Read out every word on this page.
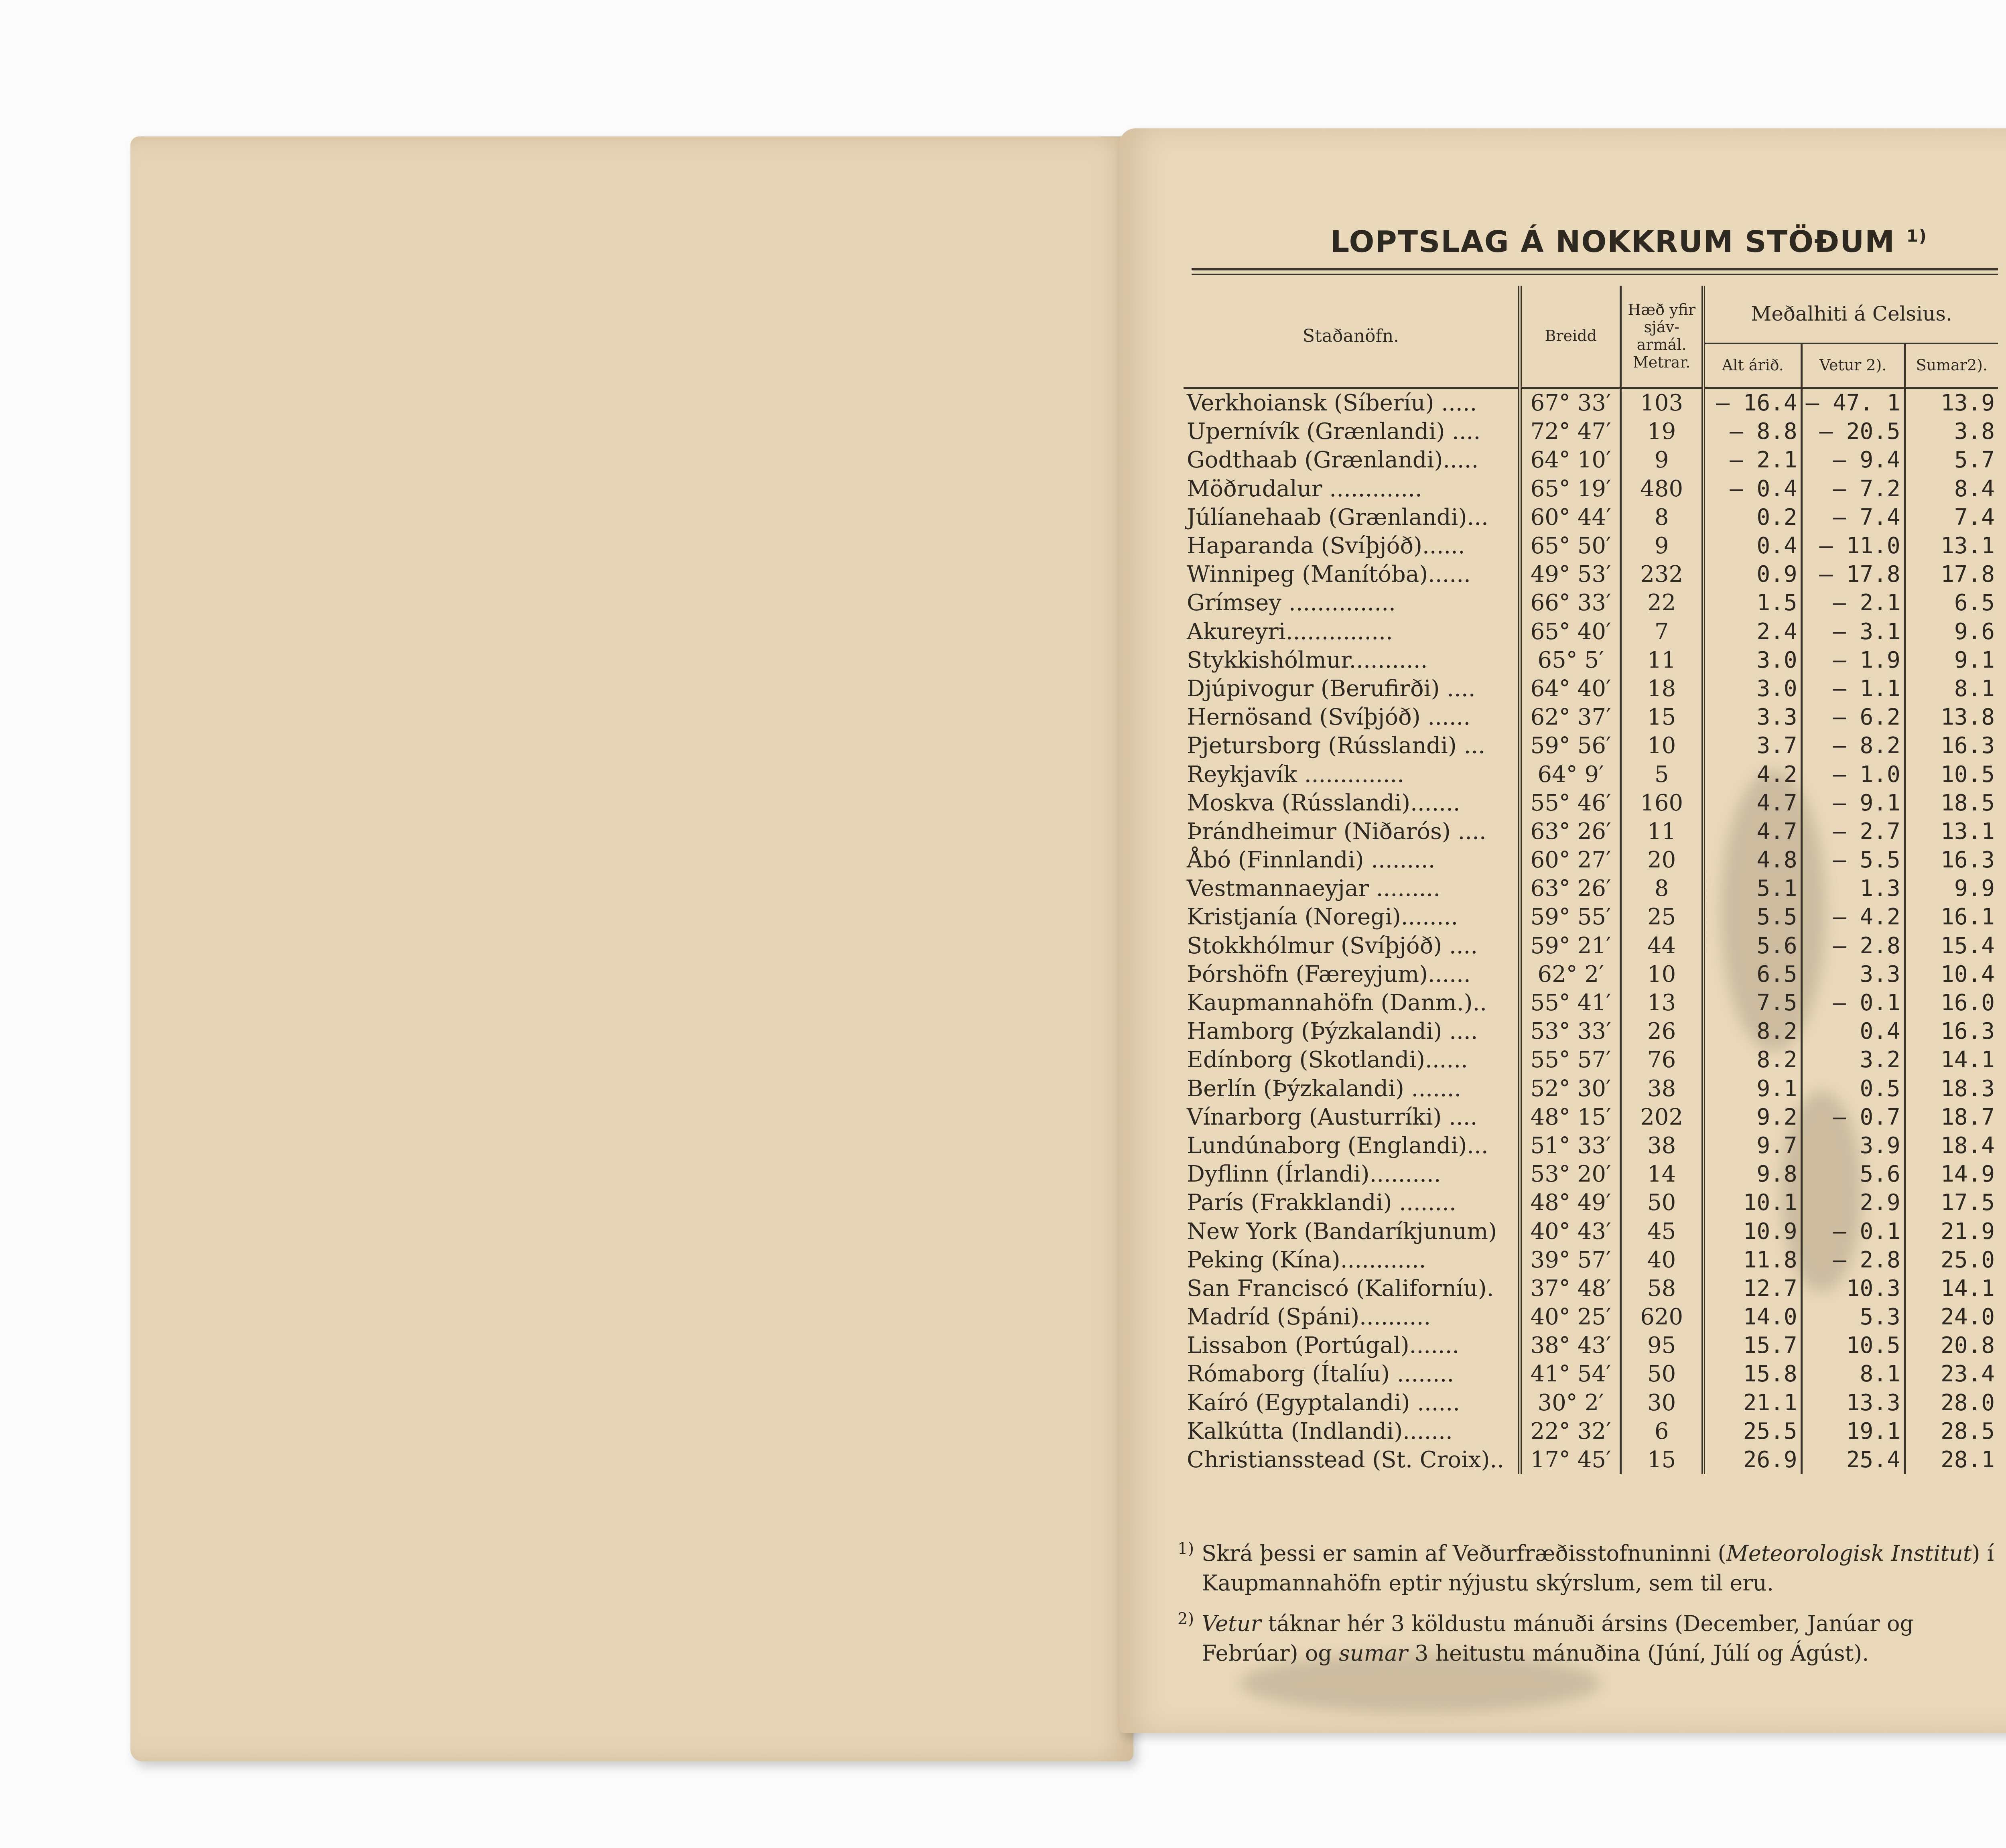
LOPTSLAG Á NOKKRUM STÖÐUM $^{1)}$
Staðanöfn.	Breidd	Hæð yfir sjáv-armál. Metrar.	Meðalhiti á Celsius.		
			Alt árið.	Vetur 2).	Sumar2).
Verkhoiansk (Síberíu) .....	67° 33′	103	— 16.4	— 47. 1	13.9
Upernívík (Grænlandi) ....	72° 47′	19	— 8.8	— 20.5	3.8
Godthaab (Grænlandi).....	64° 10′	9	— 2.1	— 9.4	5.7
Möðrudalur .............	65° 19′	480	— 0.4	— 7.2	8.4
Júlíanehaab (Grænlandi)...	60° 44′	8	0.2	— 7.4	7.4
Haparanda (Svíþjóð)......	65° 50′	9	0.4	— 11.0	13.1
Winnipeg (Manítóba)......	49° 53′	232	0.9	— 17.8	17.8
Grímsey ...............	66° 33′	22	1.5	— 2.1	6.5
Akureyri...............	65° 40′	7	2.4	— 3.1	9.6
Stykkishólmur...........	65° 5′	11	3.0	— 1.9	9.1
Djúpivogur (Berufirði) ....	64° 40′	18	3.0	— 1.1	8.1
Hernösand (Svíþjóð) ......	62° 37′	15	3.3	— 6.2	13.8
Pjetursborg (Rússlandi) ...	59° 56′	10	3.7	— 8.2	16.3
Reykjavík ..............	64° 9′	5	4.2	— 1.0	10.5
Moskva (Rússlandi).......	55° 46′	160	4.7	— 9.1	18.5
Þrándheimur (Niðarós) ....	63° 26′	11	4.7	— 2.7	13.1
Åbó (Finnlandi) .........	60° 27′	20	4.8	— 5.5	16.3
Vestmannaeyjar .........	63° 26′	8	5.1	1.3	9.9
Kristjanía (Noregi)........	59° 55′	25	5.5	— 4.2	16.1
Stokkhólmur (Svíþjóð) ....	59° 21′	44	5.6	— 2.8	15.4
Þórshöfn (Færeyjum)......	62° 2′	10	6.5	3.3	10.4
Kaupmannahöfn (Danm.)..	55° 41′	13	7.5	— 0.1	16.0
Hamborg (Þýzkalandi) ....	53° 33′	26	8.2	0.4	16.3
Edínborg (Skotlandi)......	55° 57′	76	8.2	3.2	14.1
Berlín (Þýzkalandi) .......	52° 30′	38	9.1	0.5	18.3
Vínarborg (Austurríki) ....	48° 15′	202	9.2	— 0.7	18.7
Lundúnaborg (Englandi)...	51° 33′	38	9.7	3.9	18.4
Dyflinn (Írlandi)..........	53° 20′	14	9.8	5.6	14.9
París (Frakklandi) ........	48° 49′	50	10.1	2.9	17.5
New York (Bandaríkjunum)	40° 43′	45	10.9	— 0.1	21.9
Peking (Kína)............	39° 57′	40	11.8	— 2.8	25.0
San Franciscó (Kaliforníu).	37° 48′	58	12.7	10.3	14.1
Madríd (Spáni)..........	40° 25′	620	14.0	5.3	24.0
Lissabon (Portúgal).......	38° 43′	95	15.7	10.5	20.8
Rómaborg (Ítalíu) ........	41° 54′	50	15.8	8.1	23.4
Kaíró (Egyptalandi) ......	30° 2′	30	21.1	13.3	28.0
Kalkútta (Indlandi).......	22° 32′	6	25.5	19.1	28.5
Christiansstead (St. Croix)..	17° 45′	15	26.9	25.4	28.1
1) Skrá þessi er samin af Veðurfræðisstofnuninni (Meteorologisk Institut) í Kaupmannahöfn eptir nýjustu skýrslum, sem til eru.
2) Vetur táknar hér 3 köldustu mánuði ársins (December, Janúar og Febrúar) og sumar 3 heitustu mánuðina (Júní, Júlí og Ágúst).
